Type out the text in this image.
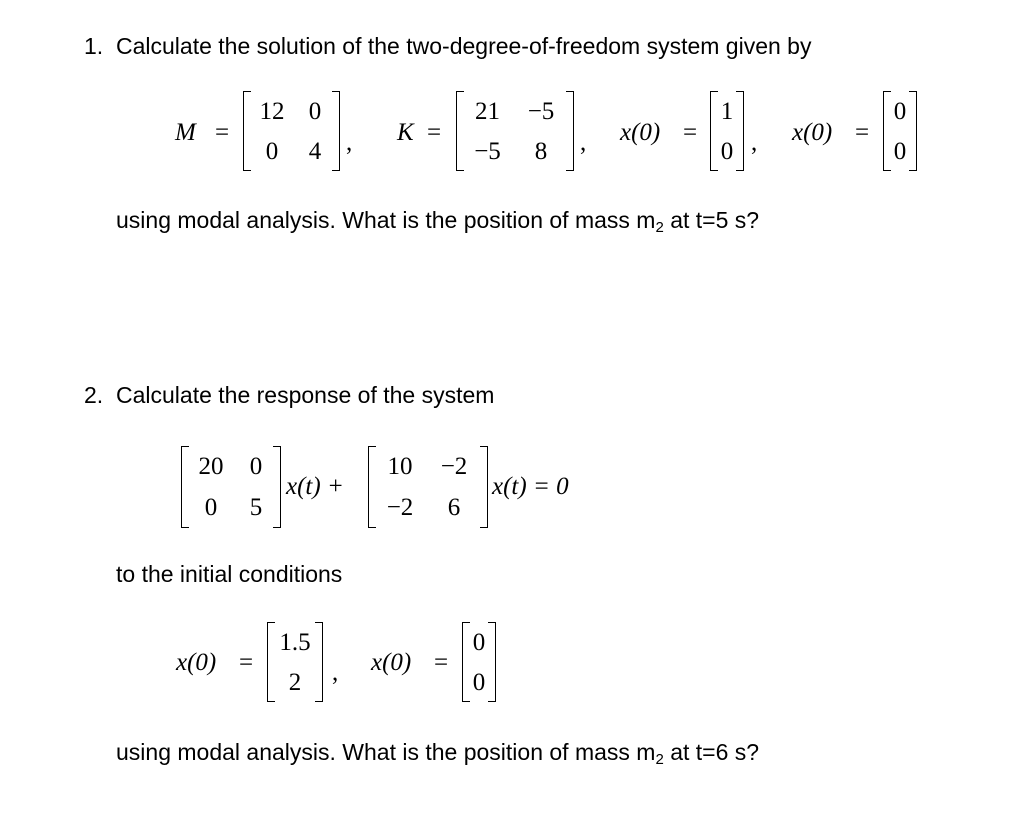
1. Calculate the solution of the two-degree-of-freedom system given by
M =
12 0
0	4 , K =
21	−5
−5	8	, x(0) =
1
0 , x(0) =
0
0
using modal analysis. What is the position of mass $m_2$ at t=5 s?
2. Calculate the response of the system
20	0
0	5
x(t) +
10	−2
−2	6
x(t) = 0
to the initial conditions
x(0) =
1.5
2	, x(0) =
0
0
using modal analysis. What is the position of mass $m_2$ at t=6 s?
